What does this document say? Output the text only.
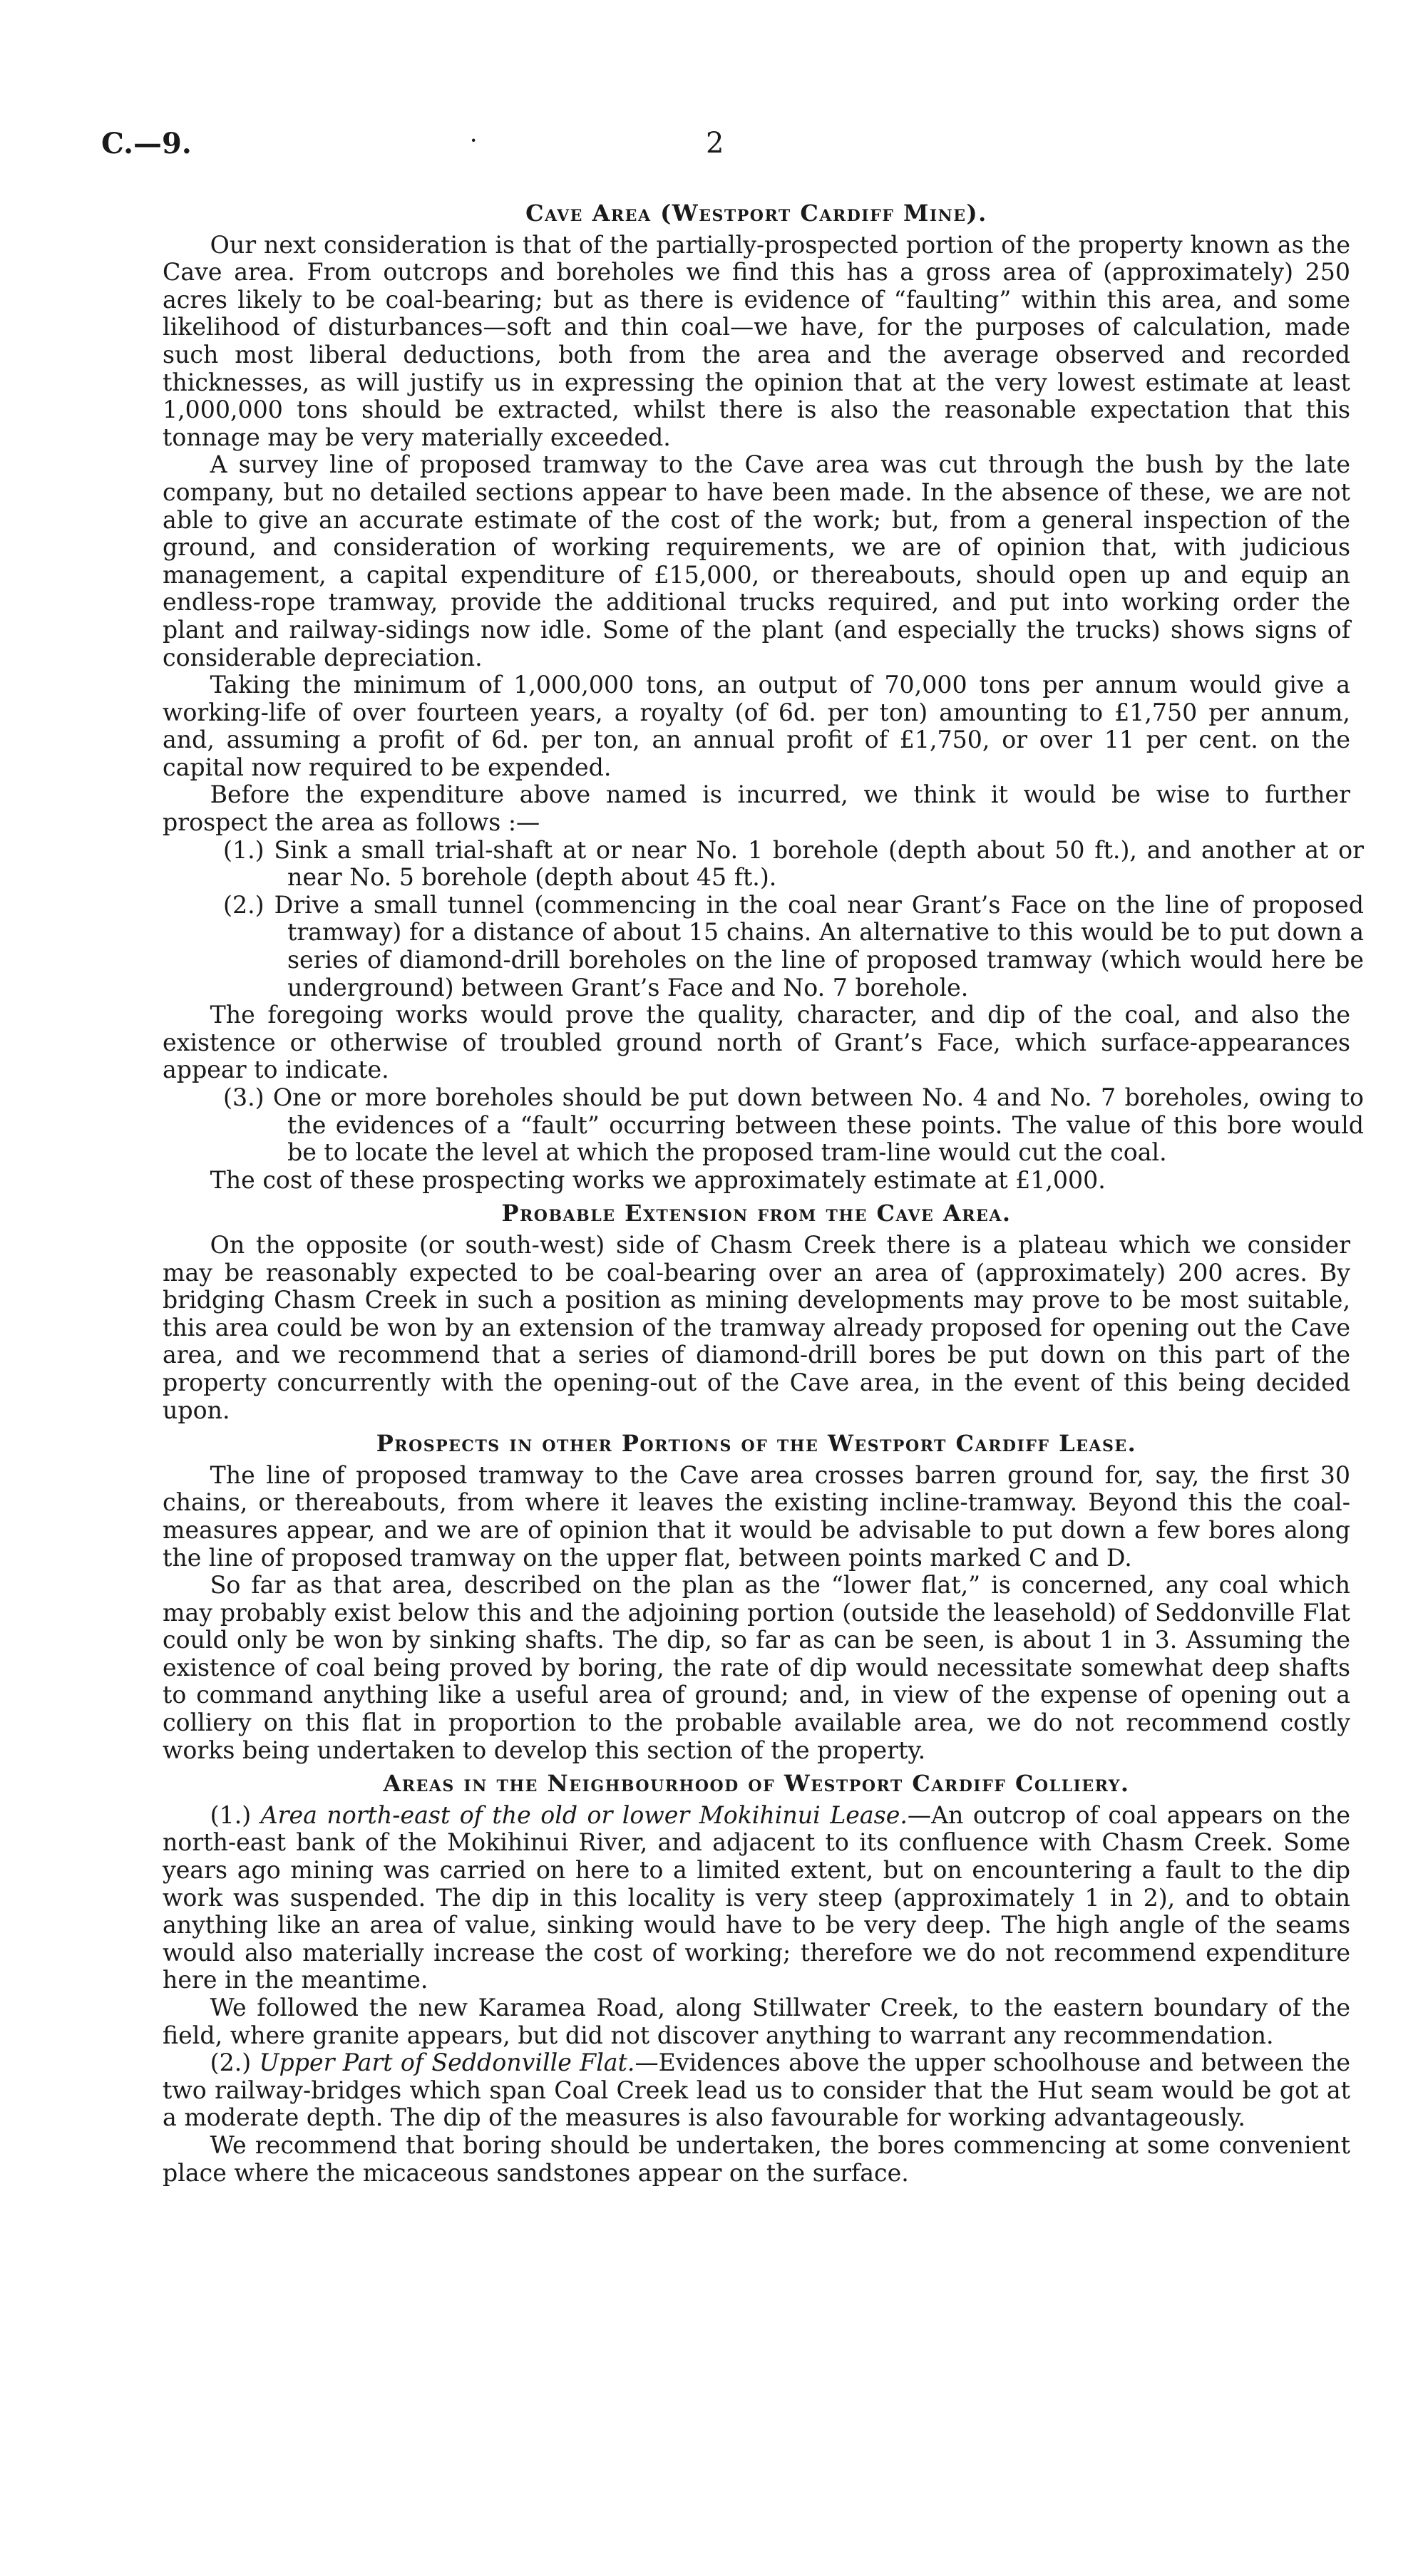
C.—9.	·	2
Cave Area (Westport Cardiff Mine).

Our next consideration is that of the partially-prospected portion of the property known as the Cave area. From outcrops and boreholes we find this has a gross area of (approximately) 250 acres likely to be coal-bearing; but as there is evidence of “faulting” within this area, and some likelihood of disturbances—soft and thin coal—we have, for the purposes of calculation, made such most liberal deductions, both from the area and the average observed and recorded thicknesses, as will justify us in expressing the opinion that at the very lowest estimate at least 1,000,000 tons should be extracted, whilst there is also the reasonable expectation that this tonnage may be very materially exceeded.

A survey line of proposed tramway to the Cave area was cut through the bush by the late company, but no detailed sections appear to have been made. In the absence of these, we are not able to give an accurate estimate of the cost of the work; but, from a general inspection of the ground, and consideration of working requirements, we are of opinion that, with judicious management, a capital expenditure of £15,000, or thereabouts, should open up and equip an endless-rope tramway, provide the additional trucks required, and put into working order the plant and railway-sidings now idle. Some of the plant (and especially the trucks) shows signs of considerable depreciation.

Taking the minimum of 1,000,000 tons, an output of 70,000 tons per annum would give a working-life of over fourteen years, a royalty (of 6d. per ton) amounting to £1,750 per annum, and, assuming a profit of 6d. per ton, an annual profit of £1,750, or over 11 per cent. on the capital now required to be expended.

Before the expenditure above named is incurred, we think it would be wise to further prospect the area as follows :—

(1.) Sink a small trial-shaft at or near No. 1 borehole (depth about 50 ft.), and another at or near No. 5 borehole (depth about 45 ft.).

(2.) Drive a small tunnel (commencing in the coal near Grant’s Face on the line of proposed tramway) for a distance of about 15 chains. An alternative to this would be to put down a series of diamond-drill boreholes on the line of proposed tramway (which would here be underground) between Grant’s Face and No. 7 borehole.

The foregoing works would prove the quality, character, and dip of the coal, and also the existence or otherwise of troubled ground north of Grant’s Face, which surface-appearances appear to indicate.

(3.) One or more boreholes should be put down between No. 4 and No. 7 boreholes, owing to the evidences of a “fault” occurring between these points. The value of this bore would be to locate the level at which the proposed tram-line would cut the coal.

The cost of these prospecting works we approximately estimate at £1,000.

Probable Extension from the Cave Area.

On the opposite (or south-west) side of Chasm Creek there is a plateau which we consider may be reasonably expected to be coal-bearing over an area of (approximately) 200 acres. By bridging Chasm Creek in such a position as mining developments may prove to be most suitable, this area could be won by an extension of the tramway already proposed for opening out the Cave area, and we recommend that a series of diamond-drill bores be put down on this part of the property concurrently with the opening-out of the Cave area, in the event of this being decided upon.

Prospects in other Portions of the Westport Cardiff Lease.

The line of proposed tramway to the Cave area crosses barren ground for, say, the first 30 chains, or thereabouts, from where it leaves the existing incline-tramway. Beyond this the coal-measures appear, and we are of opinion that it would be advisable to put down a few bores along the line of proposed tramway on the upper flat, between points marked C and D.

So far as that area, described on the plan as the “lower flat,” is concerned, any coal which may probably exist below this and the adjoining portion (outside the leasehold) of Seddonville Flat could only be won by sinking shafts. The dip, so far as can be seen, is about 1 in 3. Assuming the existence of coal being proved by boring, the rate of dip would necessitate somewhat deep shafts to command anything like a useful area of ground; and, in view of the expense of opening out a colliery on this flat in proportion to the probable available area, we do not recommend costly works being undertaken to develop this section of the property.

Areas in the Neighbourhood of Westport Cardiff Colliery.

(1.) Area north-east of the old or lower Mokihinui Lease.—An outcrop of coal appears on the north-east bank of the Mokihinui River, and adjacent to its confluence with Chasm Creek. Some years ago mining was carried on here to a limited extent, but on encountering a fault to the dip work was suspended. The dip in this locality is very steep (approximately 1 in 2), and to obtain anything like an area of value, sinking would have to be very deep. The high angle of the seams would also materially increase the cost of working; therefore we do not recommend expenditure here in the meantime.

We followed the new Karamea Road, along Stillwater Creek, to the eastern boundary of the field, where granite appears, but did not discover anything to warrant any recommendation.

(2.) Upper Part of Seddonville Flat.—Evidences above the upper schoolhouse and between the two railway-bridges which span Coal Creek lead us to consider that the Hut seam would be got at a moderate depth. The dip of the measures is also favourable for working advantageously.

We recommend that boring should be undertaken, the bores commencing at some convenient place where the micaceous sandstones appear on the surface.
